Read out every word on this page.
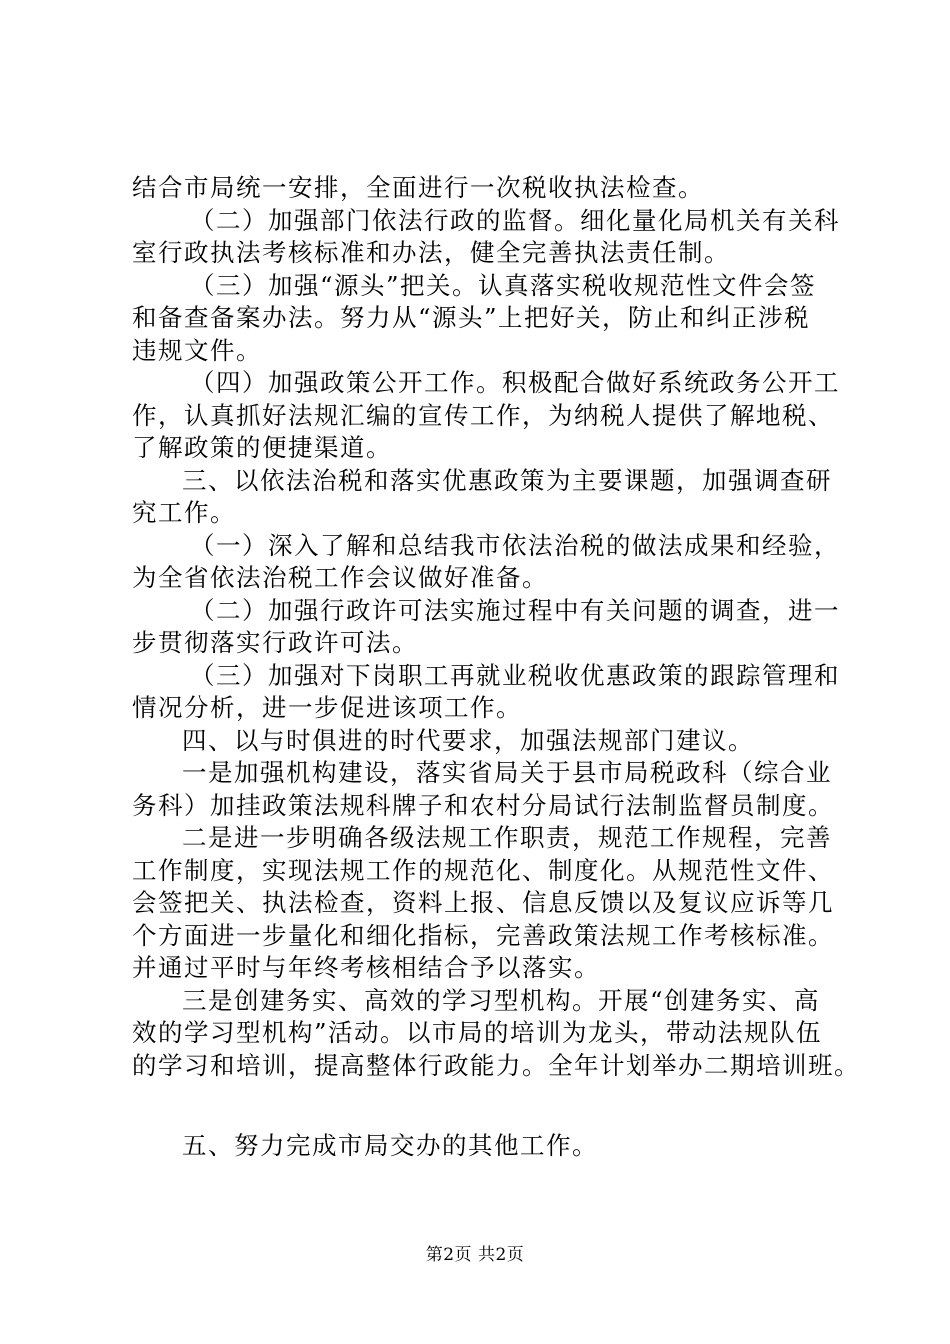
结合市局统一安排，全面进行一次税收执法检查。
（二）加强部门依法行政的监督。细化量化局机关有关科
室行政执法考核标准和办法，健全完善执法责任制。
（三）加强“源头”把关。认真落实税收规范性文件会签
和备查备案办法。努力从“源头”上把好关，防止和纠正涉税
违规文件。
（四）加强政策公开工作。积极配合做好系统政务公开工
作，认真抓好法规汇编的宣传工作，为纳税人提供了解地税、
了解政策的便捷渠道。
三、以依法治税和落实优惠政策为主要课题，加强调查研
究工作。
（一）深入了解和总结我市依法治税的做法成果和经验，
为全省依法治税工作会议做好准备。
（二）加强行政许可法实施过程中有关问题的调查，进一
步贯彻落实行政许可法。
（三）加强对下岗职工再就业税收优惠政策的跟踪管理和
情况分析，进一步促进该项工作。
四、以与时俱进的时代要求，加强法规部门建议。
一是加强机构建设，落实省局关于县市局税政科（综合业
务科）加挂政策法规科牌子和农村分局试行法制监督员制度。
二是进一步明确各级法规工作职责，规范工作规程，完善
工作制度，实现法规工作的规范化、制度化。从规范性文件、
会签把关、执法检查，资料上报、信息反馈以及复议应诉等几
个方面进一步量化和细化指标，完善政策法规工作考核标准。
并通过平时与年终考核相结合予以落实。
三是创建务实、高效的学习型机构。开展“创建务实、高
效的学习型机构”活动。以市局的培训为龙头，带动法规队伍
的学习和培训，提高整体行政能力。全年计划举办二期培训班。
五、努力完成市局交办的其他工作。
第2页 共2页
